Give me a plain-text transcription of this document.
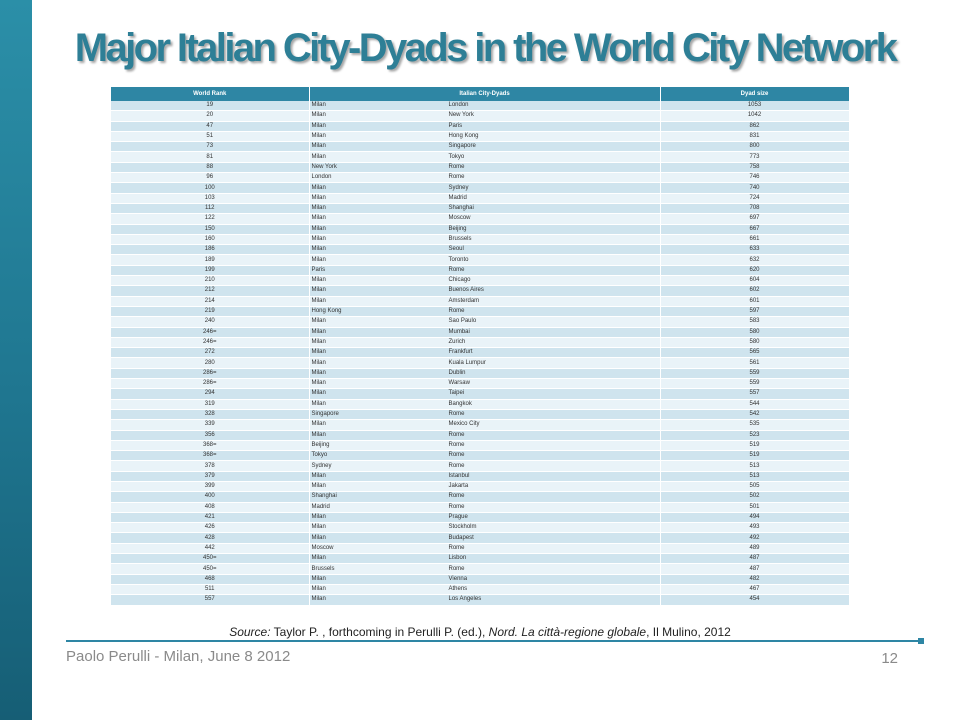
Major Italian City-Dyads in the World City Network
World Rank	Italian City-Dyads	Dyad size
19	Milan London	1053
20	Milan New York	1042
47	Milan Paris	862
51	Milan Hong Kong	831
73	Milan Singapore	800
81	Milan Tokyo	773
88	New York Rome	758
96	London Rome	746
100	Milan Sydney	740
103	Milan Madrid	724
112	Milan Shanghai	708
122	Milan Moscow	697
150	Milan Beijing	667
160	Milan Brussels	661
186	Milan Seoul	633
189	Milan Toronto	632
199	Paris Rome	620
210	Milan Chicago	604
212	Milan Buenos Aires	602
214	Milan Amsterdam	601
219	Hong Kong Rome	597
240	Milan Sao Paulo	583
246=	Milan Mumbai	580
246=	Milan Zurich	580
272	Milan Frankfurt	565
280	Milan Kuala Lumpur	561
286=	Milan Dublin	559
286=	Milan Warsaw	559
294	Milan Taipei	557
319	Milan Bangkok	544
328	Singapore Rome	542
339	Milan Mexico City	535
356	Milan Rome	523
368=	Beijing Rome	519
368=	Tokyo Rome	519
378	Sydney Rome	513
379	Milan Istanbul	513
399	Milan Jakarta	505
400	Shanghai Rome	502
408	Madrid Rome	501
421	Milan Prague	494
426	Milan Stockholm	493
428	Milan Budapest	492
442	Moscow Rome	489
450=	Milan Lisbon	487
450=	Brussels Rome	487
468	Milan Vienna	482
511	Milan Athens	467
557	Milan Los Angeles	454
Source: Taylor P. , forthcoming in Perulli P. (ed.), Nord. La città-regione globale, Il Mulino, 2012
Paolo Perulli - Milan, June 8 2012	12
